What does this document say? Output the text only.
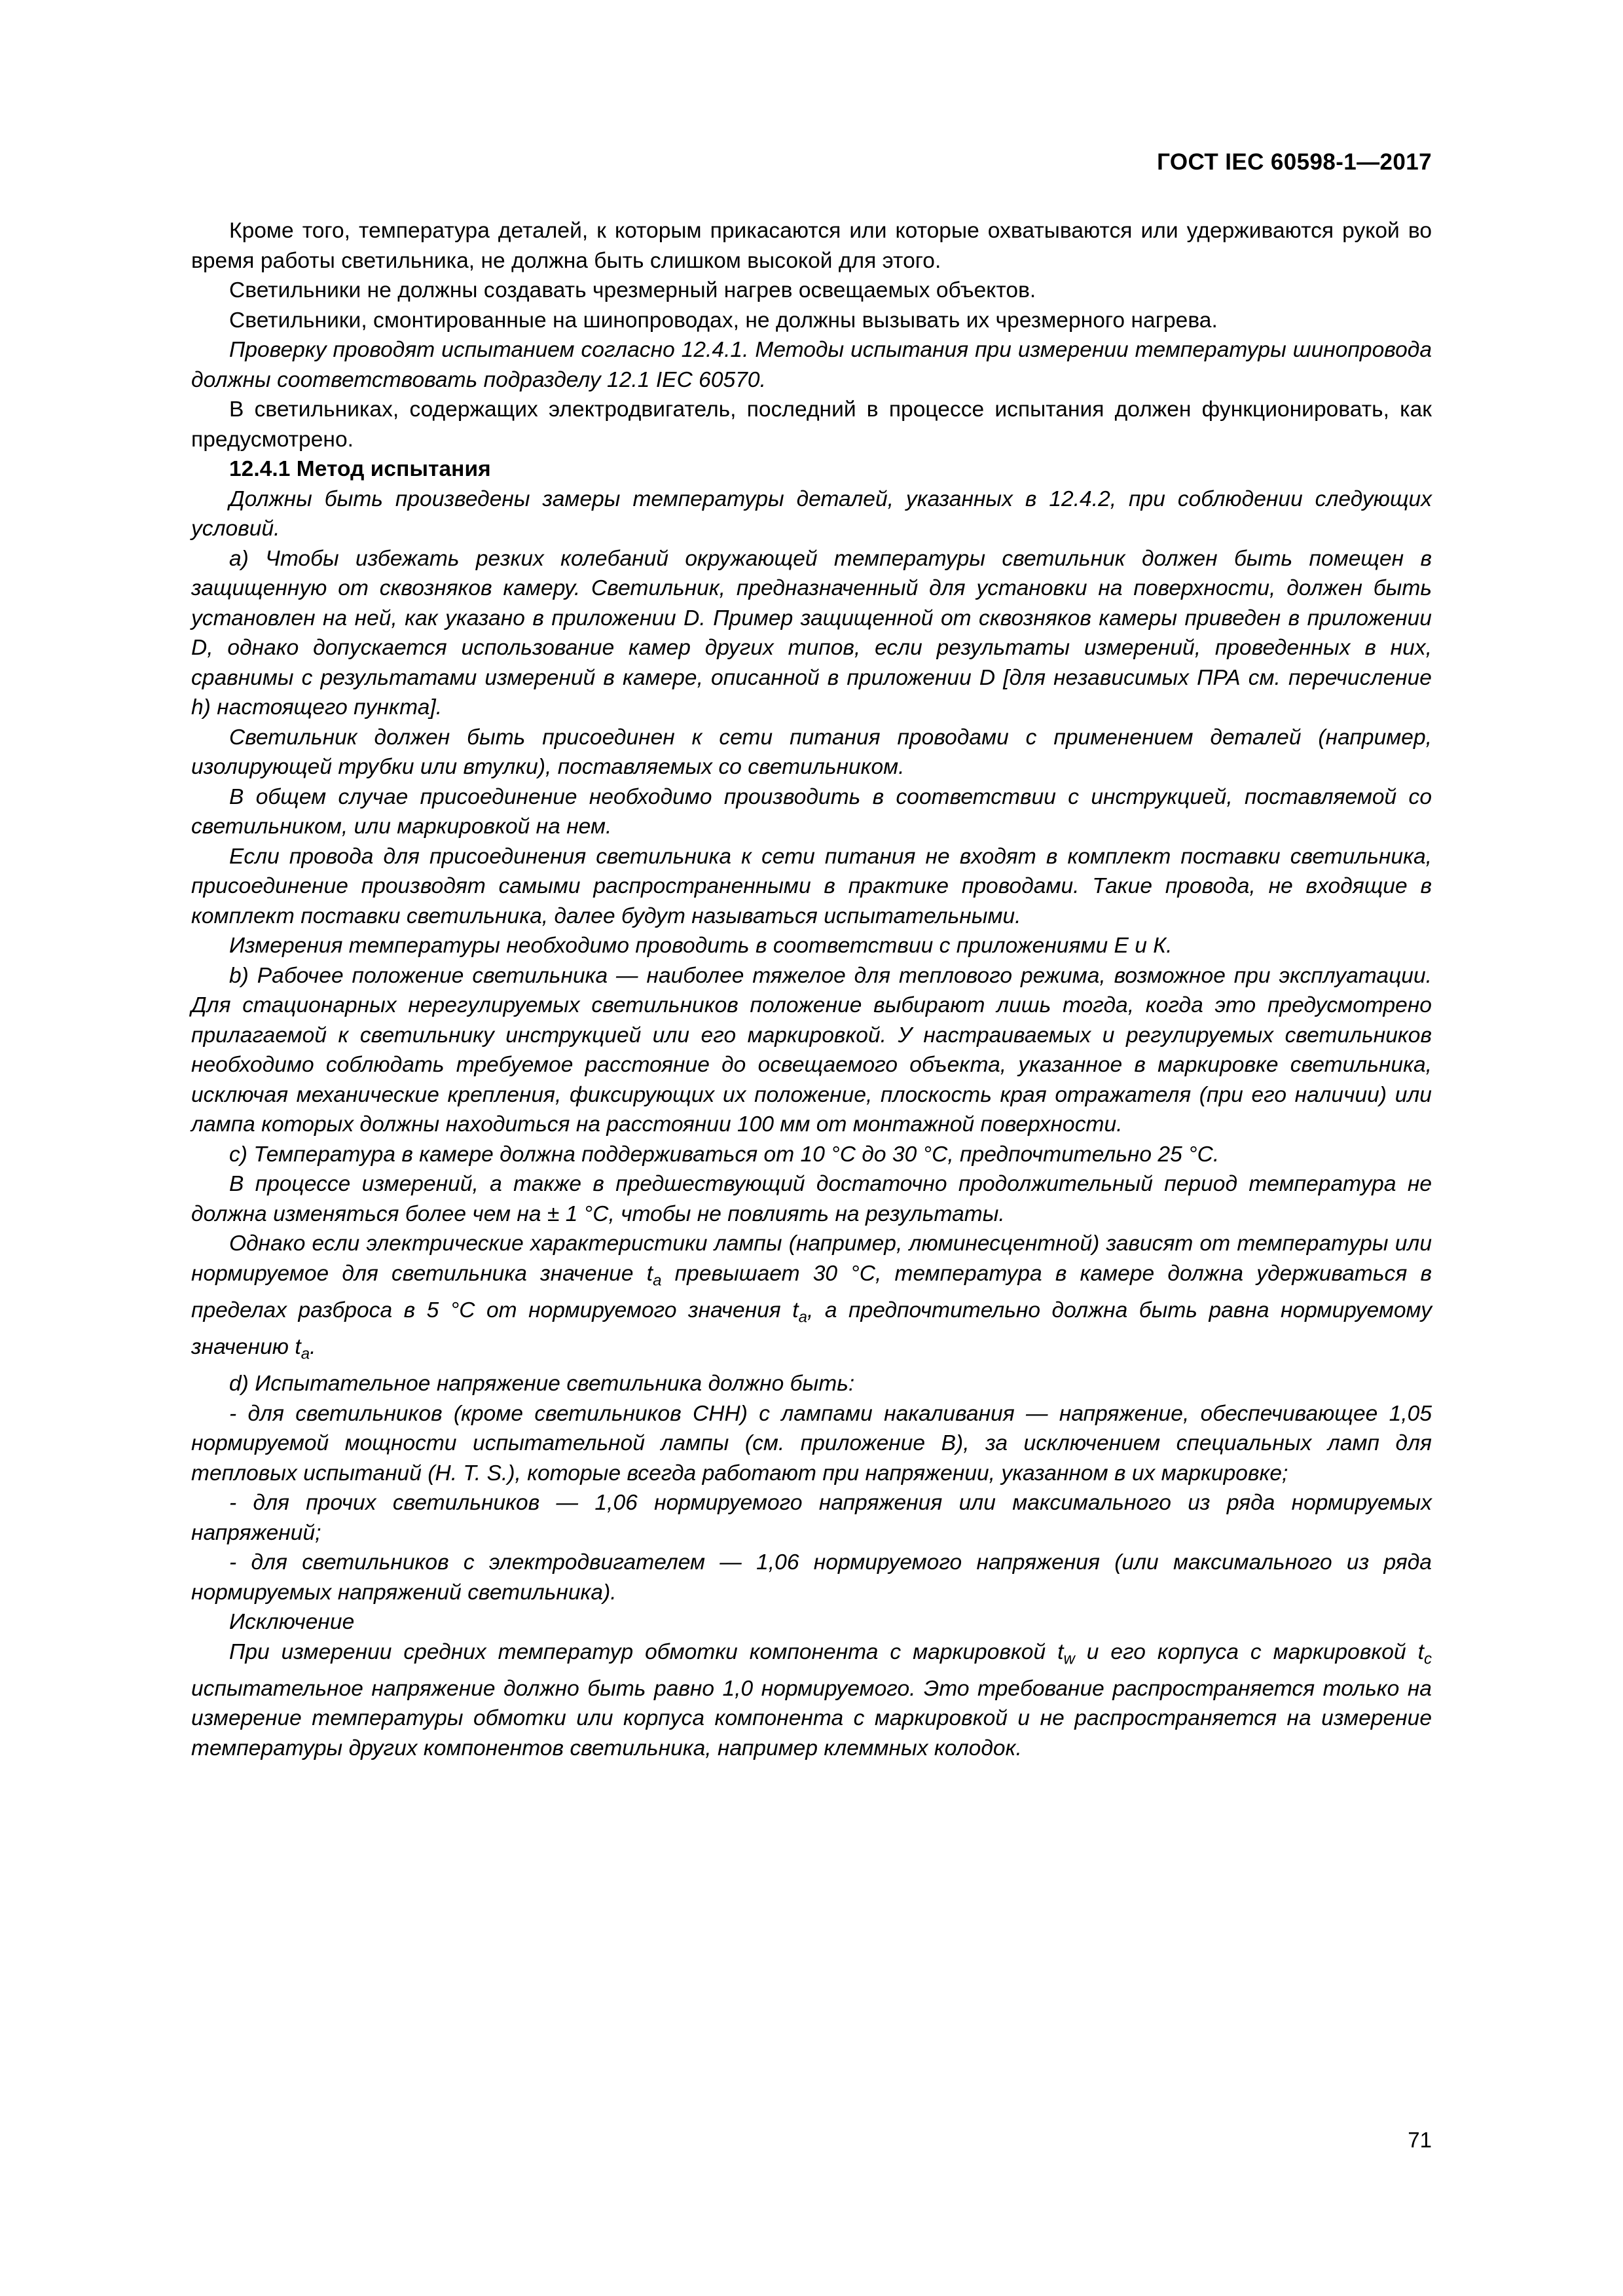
ГОСТ IEC 60598-1—2017

Кроме того, температура деталей, к которым прикасаются или которые охватываются или удерживаются рукой во время работы светильника, не должна быть слишком высокой для этого.

Светильники не должны создавать чрезмерный нагрев освещаемых объектов.

Светильники, смонтированные на шинопроводах, не должны вызывать их чрезмерного нагрева.

Проверку проводят испытанием согласно 12.4.1. Методы испытания при измерении температуры шинопровода должны соответствовать подразделу 12.1 IEC 60570.

В светильниках, содержащих электродвигатель, последний в процессе испытания должен функционировать, как предусмотрено.

12.4.1 Метод испытания

Должны быть произведены замеры температуры деталей, указанных в 12.4.2, при соблюдении следующих условий.

a) Чтобы избежать резких колебаний окружающей температуры светильник должен быть помещен в защищенную от сквозняков камеру. Светильник, предназначенный для установки на поверхности, должен быть установлен на ней, как указано в приложении D. Пример защищенной от сквозняков камеры приведен в приложении D, однако допускается использование камер других типов, если результаты измерений, проведенных в них, сравнимы с результатами измерений в камере, описанной в приложении D [для независимых ПРА см. перечисление h) настоящего пункта].

Светильник должен быть присоединен к сети питания проводами с применением деталей (например, изолирующей трубки или втулки), поставляемых со светильником.

В общем случае присоединение необходимо производить в соответствии с инструкцией, поставляемой со светильником, или маркировкой на нем.

Если провода для присоединения светильника к сети питания не входят в комплект поставки светильника, присоединение производят самыми распространенными в практике проводами. Такие провода, не входящие в комплект поставки светильника, далее будут называться испытательными.

Измерения температуры необходимо проводить в соответствии с приложениями Е и К.

b) Рабочее положение светильника — наиболее тяжелое для теплового режима, возможное при эксплуатации. Для стационарных нерегулируемых светильников положение выбирают лишь тогда, когда это предусмотрено прилагаемой к светильнику инструкцией или его маркировкой. У настраиваемых и регулируемых светильников необходимо соблюдать требуемое расстояние до освещаемого объекта, указанное в маркировке светильника, исключая механические крепления, фиксирующих их положение, плоскость края отражателя (при его наличии) или лампа которых должны находиться на расстоянии 100 мм от монтажной поверхности.

c) Температура в камере должна поддерживаться от 10 °C до 30 °C, предпочтительно 25 °C.

В процессе измерений, а также в предшествующий достаточно продолжительный период температура не должна изменяться более чем на ± 1 °С, чтобы не повлиять на результаты.

Однако если электрические характеристики лампы (например, люминесцентной) зависят от температуры или нормируемое для светильника значение $t_a$ превышает 30 °С, температура в камере должна удерживаться в пределах разброса в 5 °C от нормируемого значения $t_a$, а предпочтительно должна быть равна нормируемому значению $t_a$.

d) Испытательное напряжение светильника должно быть:

- для светильников (кроме светильников СНН) с лампами накаливания — напряжение, обеспечивающее 1,05 нормируемой мощности испытательной лампы (см. приложение В), за исключением специальных ламп для тепловых испытаний (H. T. S.), которые всегда работают при напряжении, указанном в их маркировке;

- для прочих светильников — 1,06 нормируемого напряжения или максимального из ряда нормируемых напряжений;

- для светильников с электродвигателем — 1,06 нормируемого напряжения (или максимального из ряда нормируемых напряжений светильника).

Исключение

При измерении средних температур обмотки компонента с маркировкой $t_w$ и его корпуса с маркировкой $t_c$ испытательное напряжение должно быть равно 1,0 нормируемого. Это требование распространяется только на измерение температуры обмотки или корпуса компонента с маркировкой и не распространяется на измерение температуры других компонентов светильника, например клеммных колодок.

71
